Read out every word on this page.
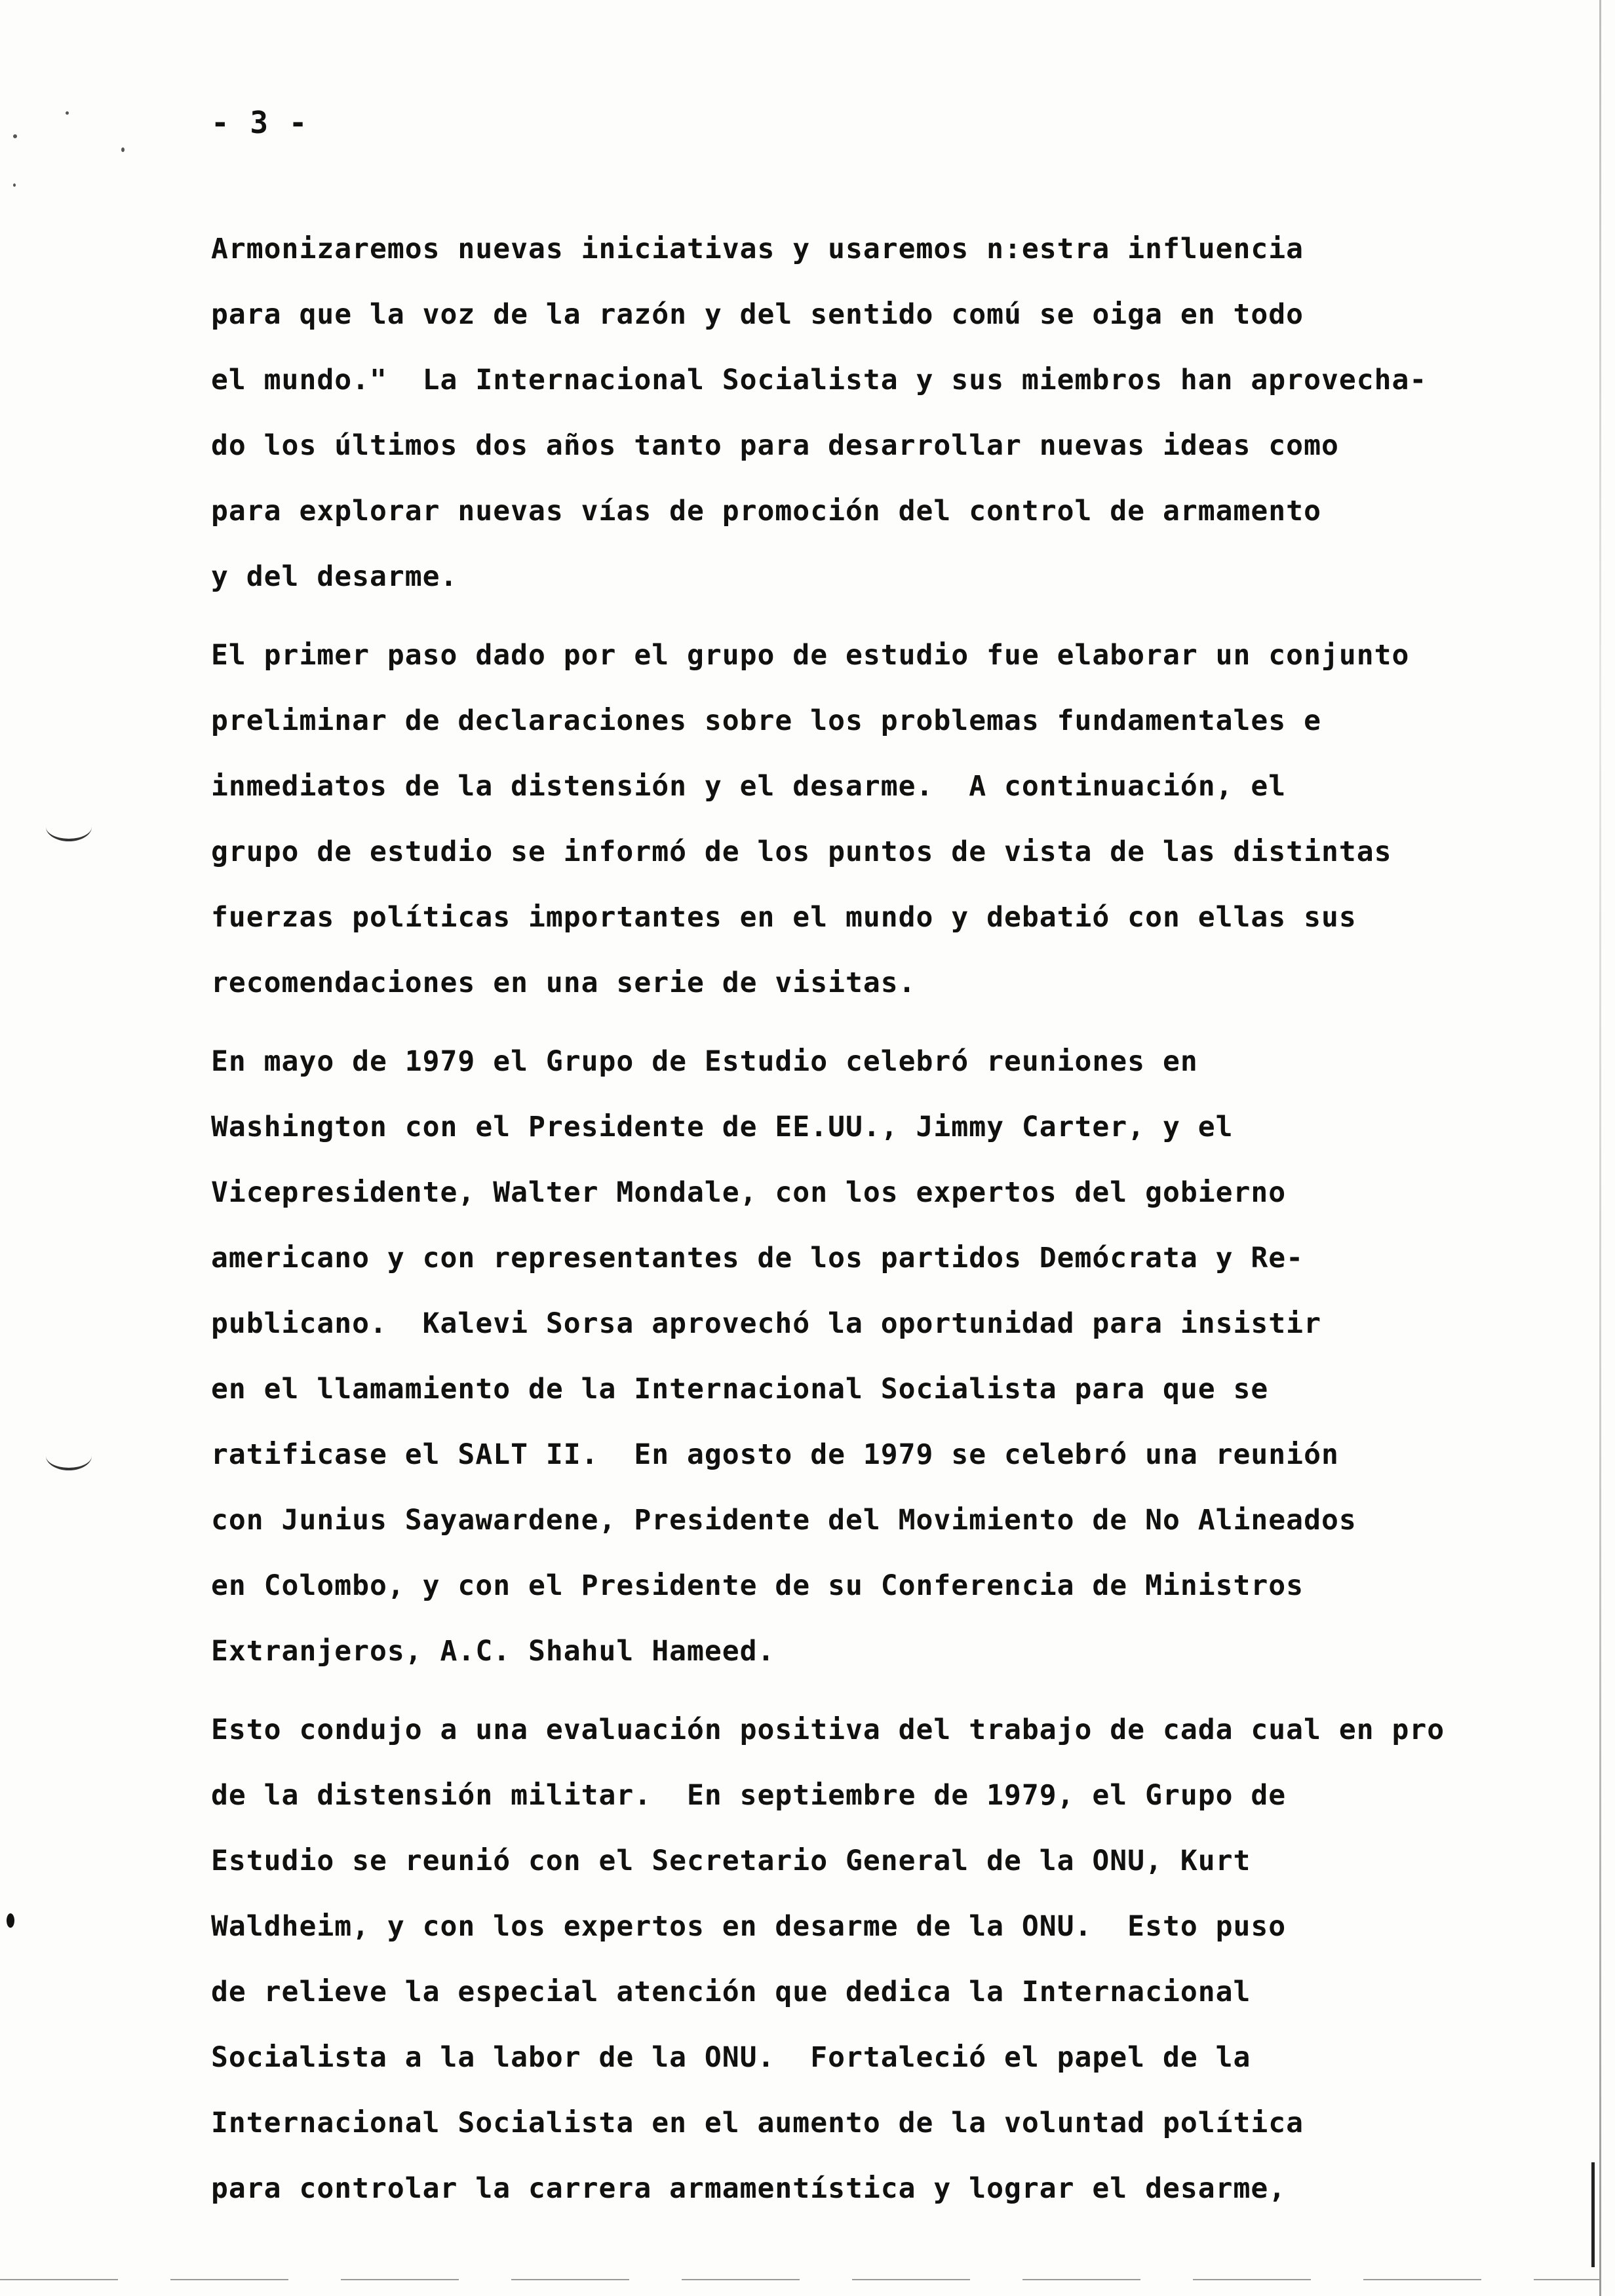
- 3 -
Armonizaremos nuevas iniciativas y usaremos n:estra influencia
para que la voz de la razón y del sentido comú se oiga en todo
el mundo."  La Internacional Socialista y sus miembros han aprovecha-
do los últimos dos años tanto para desarrollar nuevas ideas como
para explorar nuevas vías de promoción del control de armamento
y del desarme.
El primer paso dado por el grupo de estudio fue elaborar un conjunto
preliminar de declaraciones sobre los problemas fundamentales e
inmediatos de la distensión y el desarme.  A continuación, el
grupo de estudio se informó de los puntos de vista de las distintas
fuerzas políticas importantes en el mundo y debatió con ellas sus
recomendaciones en una serie de visitas.
En mayo de 1979 el Grupo de Estudio celebró reuniones en
Washington con el Presidente de EE.UU., Jimmy Carter, y el
Vicepresidente, Walter Mondale, con los expertos del gobierno
americano y con representantes de los partidos Demócrata y Re-
publicano.  Kalevi Sorsa aprovechó la oportunidad para insistir
en el llamamiento de la Internacional Socialista para que se
ratificase el SALT II.  En agosto de 1979 se celebró una reunión
con Junius Sayawardene, Presidente del Movimiento de No Alineados
en Colombo, y con el Presidente de su Conferencia de Ministros
Extranjeros, A.C. Shahul Hameed.
Esto condujo a una evaluación positiva del trabajo de cada cual en pro
de la distensión militar.  En septiembre de 1979, el Grupo de
Estudio se reunió con el Secretario General de la ONU, Kurt
Waldheim, y con los expertos en desarme de la ONU.  Esto puso
de relieve la especial atención que dedica la Internacional
Socialista a la labor de la ONU.  Fortaleció el papel de la
Internacional Socialista en el aumento de la voluntad política
para controlar la carrera armamentística y lograr el desarme,
